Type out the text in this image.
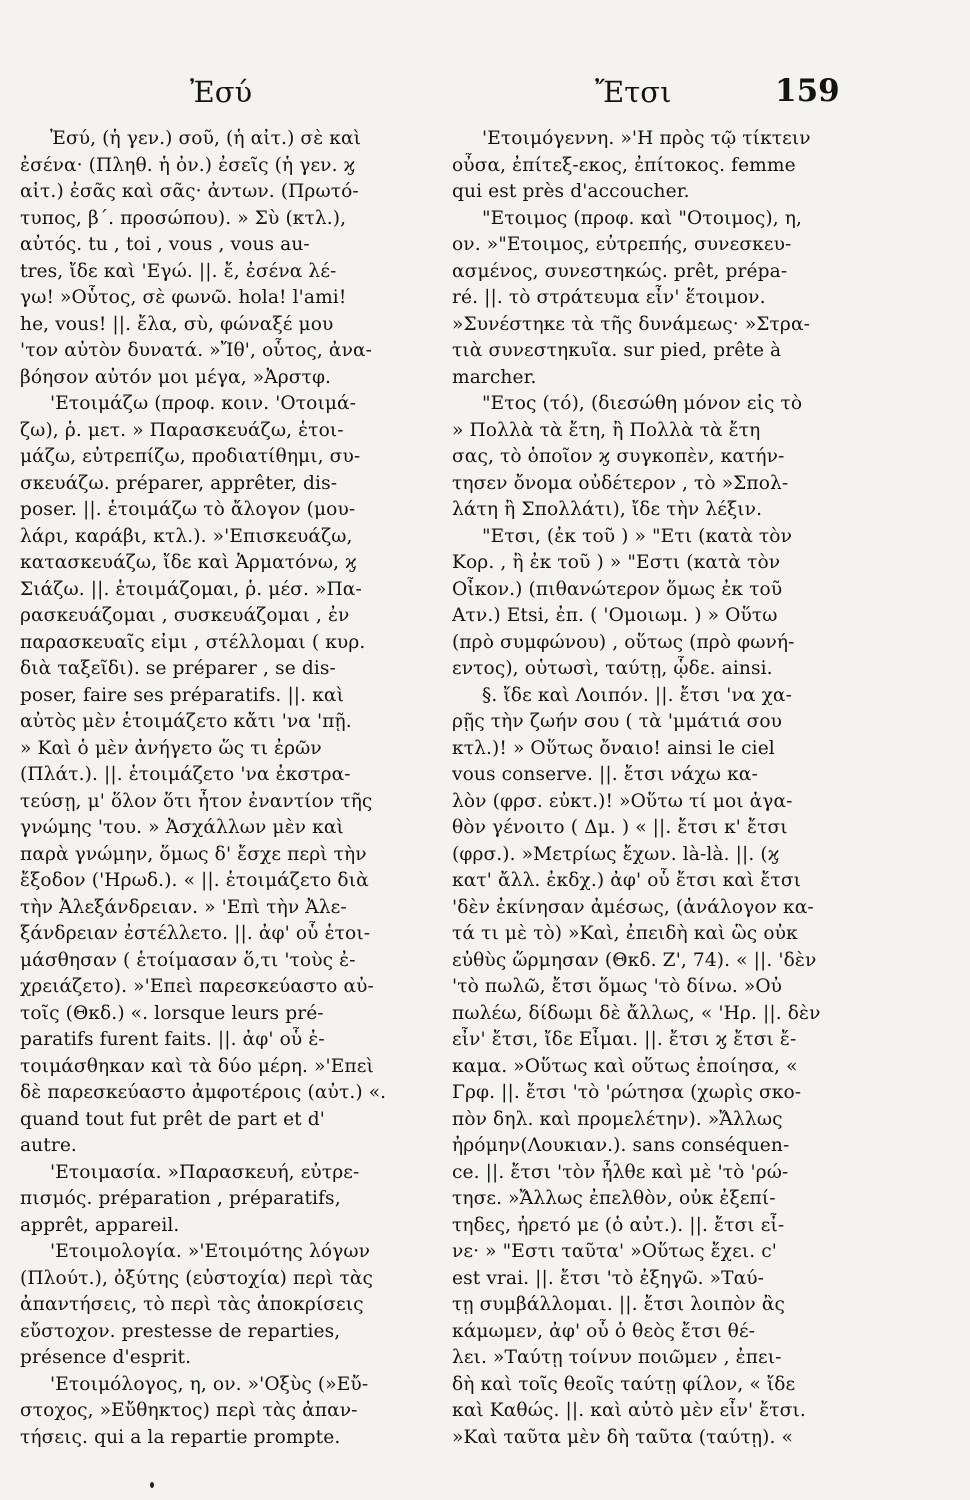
Ἐσύ	Ἔτσι	159
Ἐσύ, (ἡ γεν.) σοῦ, (ἡ αἰτ.) σὲ καὶ
ἐσένα· (Πληθ. ἡ ὀν.) ἐσεῖς (ἡ γεν. ϗ
αἰτ.) ἐσᾶς καὶ σᾶς· ἀντων. (Πρωτό-
τυπος, β΄. προσώπου). » Σὺ (κτλ.),
αὐτός. tu , toi , vous , vous au-
tres, ἴδε καὶ 'Εγώ. ||. ἔ, ἐσένα λέ-
γω! »Οὗτος, σὲ φωνῶ. hola! l'ami!
he, vous! ||. ἔλα, σὺ, φώναξέ μου
'τον αὐτὸν δυνατά. »Ἴθ', οὗτος, ἀνα-
βόησον αὐτόν μοι μέγα, »Ἀρστφ.
'Ετοιμάζω (προφ. κοιν. 'Οτοιμά-
ζω), ῥ. μετ. » Παρασκευάζω, ἑτοι-
μάζω, εὐτρεπίζω, προδιατίθημι, συ-
σκευάζω. préparer, apprêter, dis-
poser. ||. ἑτοιμάζω τὸ ἄλογον (μου-
λάρι, καράβι, κτλ.). »'Επισκευάζω,
κατασκευάζω, ἴδε καὶ Ἁρματόνω, ϗ
Σιάζω. ||. ἑτοιμάζομαι, ῥ. μέσ. »Πα-
ρασκευάζομαι , συσκευάζομαι , ἐν
παρασκευαῖς εἰμι , στέλλομαι ( κυρ.
διὰ ταξεῖδι). se préparer , se dis-
poser, faire ses préparatifs. ||. καὶ
αὐτὸς μὲν ἑτοιμάζετο κἄτι 'να 'πῇ.
» Καὶ ὁ μὲν ἀνήγετο ὥς τι ἐρῶν
(Πλάτ.). ||. ἑτοιμάζετο 'να ἐκστρα-
τεύσῃ, μ' ὅλον ὅτι ἦτον ἐναντίον τῆς
γνώμης 'του. » Ἀσχάλλων μὲν καὶ
παρὰ γνώμην, ὅμως δ' ἔσχε περὶ τὴν
ἔξοδον ('Ηρωδ.). « ||. ἑτοιμάζετο διὰ
τὴν Ἀλεξάνδρειαν. » 'Επὶ τὴν Ἀλε-
ξάνδρειαν ἐστέλλετο. ||. ἀφ' οὗ ἑτοι-
μάσθησαν ( ἑτοίμασαν ὅ,τι 'τοὺς ἐ-
χρειάζετο). »'Επεὶ παρεσκεύαστο αὐ-
τοῖς (Θκδ.) «. lorsque leurs pré-
paratifs furent faits. ||. ἀφ' οὗ ἑ-
τοιμάσθηκαν καὶ τὰ δύο μέρη. »'Επεὶ
δὲ παρεσκεύαστο ἀμφοτέροις (αὐτ.) «.
quand tout fut prêt de part et d'
autre.
'Ετοιμασία. »Παρασκευή, εὐτρε-
πισμός. préparation , préparatifs,
apprêt, appareil.
'Ετοιμολογία. »'Ετοιμότης λόγων
(Πλούτ.), ὀξύτης (εὐστοχία) περὶ τὰς
ἀπαντήσεις, τὸ περὶ τὰς ἀποκρίσεις
εὔστοχον. prestesse de reparties,
présence d'esprit.
'Ετοιμόλογος, η, ον. »'Οξὺς (»Εὔ-
στοχος, »Εὔθηκτος) περὶ τὰς ἀπαν-
τήσεις. qui a la repartie prompte.
'Ετοιμόγεννη. »'Η πρὸς τῷ τίκτειν
οὖσα, ἐπίτεξ-εκος, ἐπίτοκος. femme
qui est près d'accoucher.
"Ετοιμος (προφ. καὶ "Οτοιμος), η,
ον. »"Ετοιμος, εὐτρεπής, συνεσκευ-
ασμένος, συνεστηκώς. prêt, prépa-
ré. ||. τὸ στράτευμα εἶν' ἕτοιμον.
»Συνέστηκε τὰ τῆς δυνάμεως· »Στρα-
τιὰ συνεστηκυῖα. sur pied, prête à
marcher.
"Ετος (τό), (διεσώθη μόνον εἰς τὸ
» Πολλὰ τὰ ἔτη, ἢ Πολλὰ τὰ ἔτη
σας, τὸ ὁποῖον ϗ συγκοπὲν, κατήν-
τησεν ὄνομα οὐδέτερον , τὸ »Σπολ-
λάτη ἢ Σπολλάτι), ἴδε τὴν λέξιν.
"Ετσι, (ἐκ τοῦ ) » "Ετι (κατὰ τὸν
Κορ. , ἢ ἐκ τοῦ ) » "Εστι (κατὰ τὸν
Οἶκον.) (πιθανώτερον ὅμως ἐκ τοῦ
Ατν.) Etsi, ἐπ. ( 'Ομοιωμ. ) » Οὕτω
(πρὸ συμφώνου) , οὕτως (πρὸ φωνή-
εντος), οὑτωσὶ, ταύτῃ, ᾧδε. ainsi.
§. ἴδε καὶ Λοιπόν. ||. ἔτσι 'να χα-
ρῇς τὴν ζωήν σου ( τὰ 'μμάτιά σου
κτλ.)! » Οὕτως ὄναιο! ainsi le ciel
vous conserve. ||. ἔτσι νάχω κα-
λὸν (φρσ. εὐκτ.)! »Οὕτω τί μοι ἀγα-
θὸν γένοιτο ( Δμ. ) « ||. ἔτσι κ' ἔτσι
(φρσ.). »Μετρίως ἔχων. là-là. ||. (ϗ
κατ' ἄλλ. ἐκδχ.) ἀφ' οὗ ἔτσι καὶ ἔτσι
'δὲν ἐκίνησαν ἀμέσως, (ἀνάλογον κα-
τά τι μὲ τὸ) »Καὶ, ἐπειδὴ καὶ ὣς οὐκ
εὐθὺς ὥρμησαν (Θκδ. Ζ', 74). « ||. 'δὲν
'τὸ πωλῶ, ἔτσι ὅμως 'τὸ δίνω. »Οὐ
πωλέω, δίδωμι δὲ ἄλλως, « 'Ηρ. ||. δὲν
εἶν' ἔτσι, ἴδε Εἶμαι. ||. ἔτσι ϗ ἔτσι ἔ-
καμα. »Οὕτως καὶ οὕτως ἐποίησα, «
Γρφ. ||. ἔτσι 'τὸ 'ρώτησα (χωρὶς σκο-
πὸν δηλ. καὶ προμελέτην). »Ἄλλως
ἠρόμην(Λουκιαν.). sans conséquen-
ce. ||. ἔτσι 'τὸν ἦλθε καὶ μὲ 'τὸ 'ρώ-
τησε. »Ἄλλως ἐπελθὸν, οὐκ ἐξεπί-
τηδες, ἠρετό με (ὁ αὐτ.). ||. ἔτσι εἶ-
νε· » "Εστι ταῦτα' »Οὕτως ἔχει. c'
est vrai. ||. ἔτσι 'τὸ ἐξηγῶ. »Ταύ-
τῃ συμβάλλομαι. ||. ἔτσι λοιπὸν ἂς
κάμωμεν, ἀφ' οὗ ὁ θεὸς ἔτσι θέ-
λει. »Ταύτῃ τοίνυν ποιῶμεν , ἐπει-
δὴ καὶ τοῖς θεοῖς ταύτῃ φίλον, « ἴδε
καὶ Καθώς. ||. καὶ αὐτὸ μὲν εἶν' ἔτσι.
»Καὶ ταῦτα μὲν δὴ ταῦτα (ταύτῃ). «
